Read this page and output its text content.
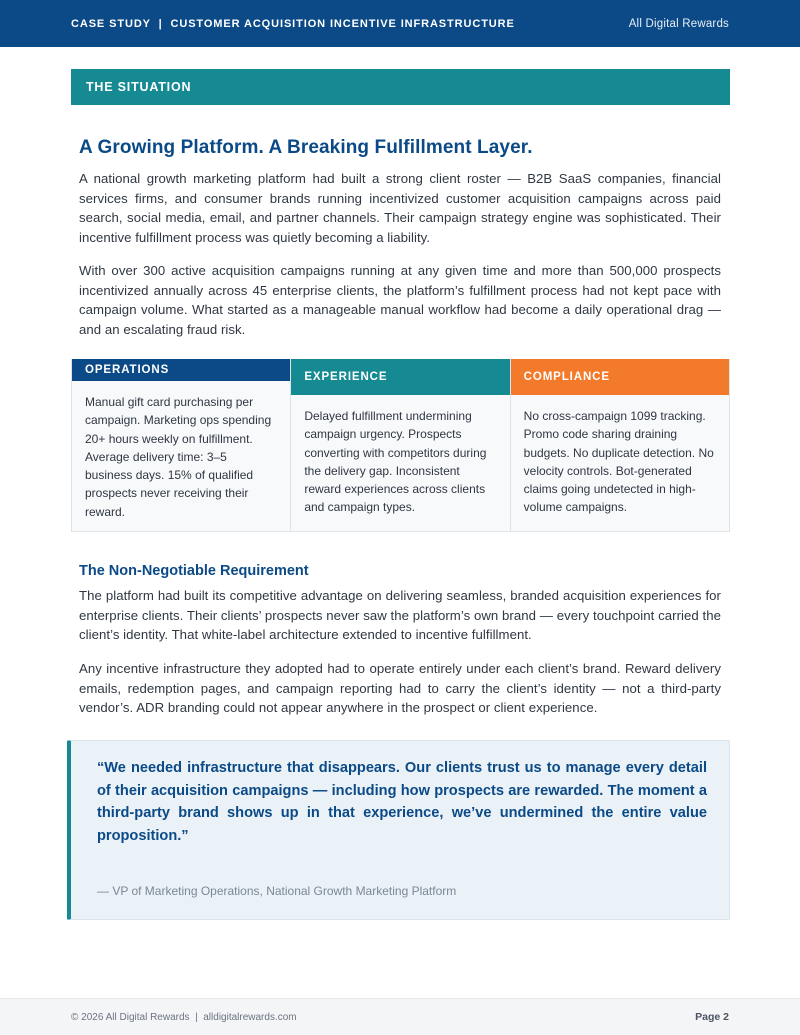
CASE STUDY  |  CUSTOMER ACQUISITION INCENTIVE INFRASTRUCTURE	All Digital Rewards
THE SITUATION
A Growing Platform. A Breaking Fulfillment Layer.

A national growth marketing platform had built a strong client roster — B2B SaaS companies, financial services firms, and consumer brands running incentivized customer acquisition campaigns across paid search, social media, email, and partner channels. Their campaign strategy engine was sophisticated. Their incentive fulfillment process was quietly becoming a liability.

With over 300 active acquisition campaigns running at any given time and more than 500,000 prospects incentivized annually across 45 enterprise clients, the platform’s fulfillment process had not kept pace with campaign volume. What started as a manageable manual workflow had become a daily operational drag — and an escalating fraud risk.

OPERATIONS
Manual gift card purchasing per campaign. Marketing ops spending 20+ hours weekly on fulfillment. Average delivery time: 3–5 business days. 15% of qualified prospects never receiving their reward.
EXPERIENCE
Delayed fulfillment undermining campaign urgency. Prospects converting with competitors during the delivery gap. Inconsistent reward experiences across clients and campaign types.
COMPLIANCE
No cross-campaign 1099 tracking. Promo code sharing draining budgets. No duplicate detection. No velocity controls. Bot-generated claims going undetected in high-volume campaigns.
The Non-Negotiable Requirement

The platform had built its competitive advantage on delivering seamless, branded acquisition experiences for enterprise clients. Their clients’ prospects never saw the platform’s own brand — every touchpoint carried the client’s identity. That white-label architecture extended to incentive fulfillment.

Any incentive infrastructure they adopted had to operate entirely under each client’s brand. Reward delivery emails, redemption pages, and campaign reporting had to carry the client’s identity — not a third-party vendor’s. ADR branding could not appear anywhere in the prospect or client experience.

“We needed infrastructure that disappears. Our clients trust us to manage every detail of their acquisition campaigns — including how prospects are rewarded. The moment a third-party brand shows up in that experience, we’ve undermined the entire value proposition.”
— VP of Marketing Operations, National Growth Marketing Platform
© 2026 All Digital Rewards  |  alldigitalrewards.com	Page 2
